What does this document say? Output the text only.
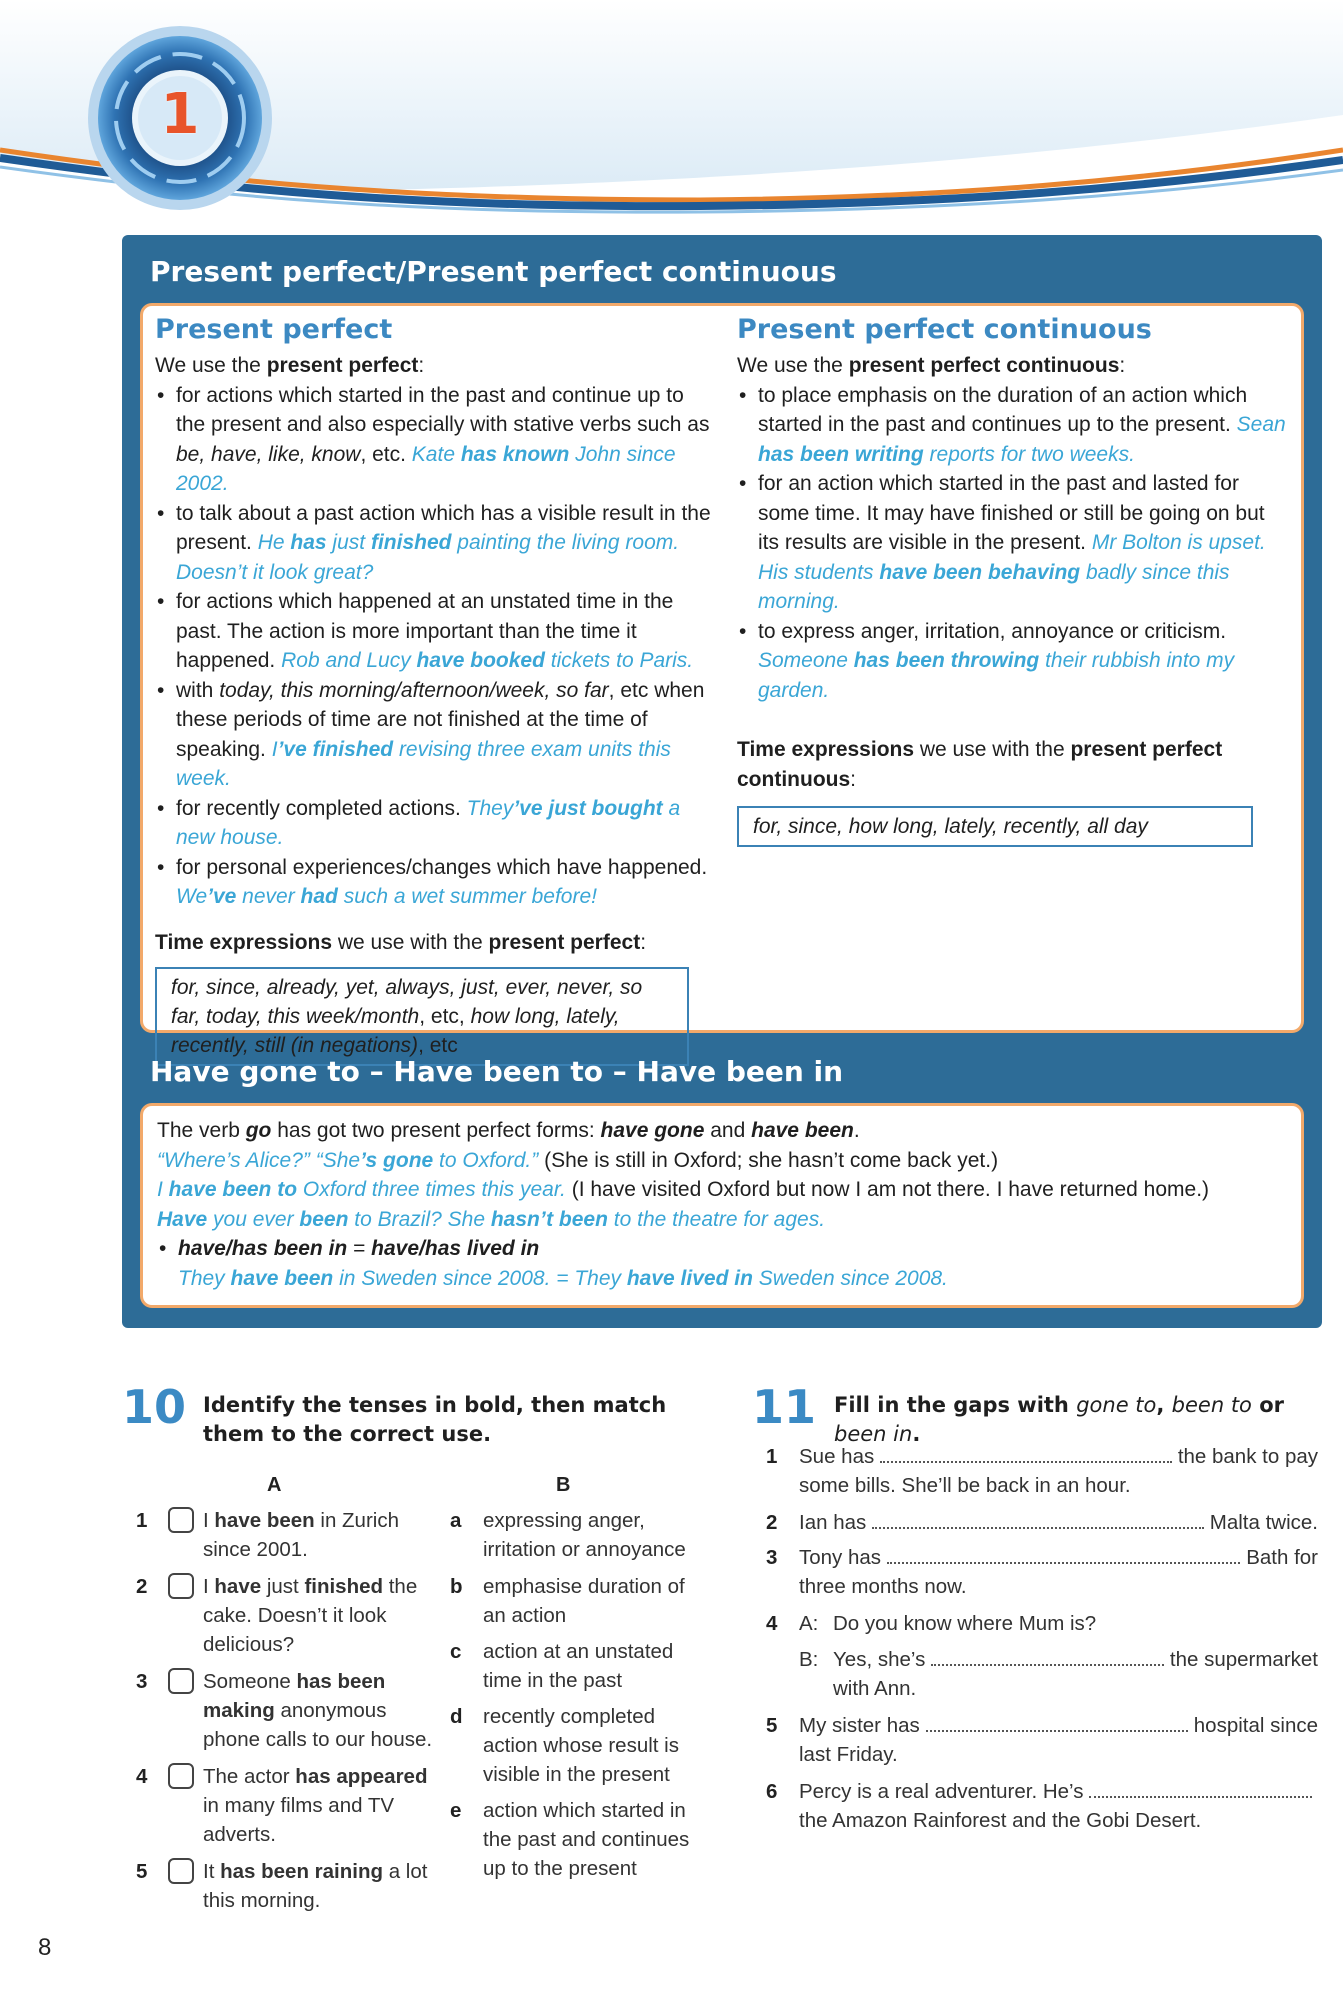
1
Present perfect/Present perfect continuous
Present perfect
We use the present perfect:
• for actions which started in the past and continue up to the present and also especially with stative verbs such as be, have, like, know, etc. Kate has known John since 2002.
• to talk about a past action which has a visible result in the present. He has just finished painting the living room. Doesn’t it look great?
• for actions which happened at an unstated time in the past. The action is more important than the time it happened. Rob and Lucy have booked tickets to Paris.
• with today, this morning/afternoon/week, so far, etc when these periods of time are not finished at the time of speaking. I’ve finished revising three exam units this week.
• for recently completed actions. They’ve just bought a new house.
• for personal experiences/changes which have happened. We’ve never had such a wet summer before!
Time expressions we use with the present perfect:
for, since, already, yet, always, just, ever, never, so far, today, this week/month, etc, how long, lately, recently, still (in negations), etc
Present perfect continuous
We use the present perfect continuous:
• to place emphasis on the duration of an action which started in the past and continues up to the present. Sean has been writing reports for two weeks.
• for an action which started in the past and lasted for some time. It may have finished or still be going on but its results are visible in the present. Mr Bolton is upset. His students have been behaving badly since this morning.
• to express anger, irritation, annoyance or criticism. Someone has been throwing their rubbish into my garden.
Time expressions we use with the present perfect continuous:
for, since, how long, lately, recently, all day
Have gone to – Have been to – Have been in
The verb go has got two present perfect forms: have gone and have been.
“Where’s Alice?” “She’s gone to Oxford.” (She is still in Oxford; she hasn’t come back yet.)
I have been to Oxford three times this year. (I have visited Oxford but now I am not there. I have returned home.)
Have you ever been to Brazil? She hasn’t been to the theatre for ages.
• have/has been in = have/has lived in
They have been in Sweden since 2008. = They have lived in Sweden since 2008.
10 Identify the tenses in bold, then match them to the correct use.
A	B
1	I have been in Zurich since 2001.
2	I have just finished the cake. Doesn’t it look delicious?
3	Someone has been making anonymous phone calls to our house.
4	The actor has appeared in many films and TV adverts.
5	It has been raining a lot this morning.
a expressing anger, irritation or annoyance
b emphasise duration of an action
c action at an unstated time in the past
d recently completed action whose result is visible in the present
e action which started in the past and continues up to the present
11 Fill in the gaps with gone to, been to or been in.
1 Sue has	the bank to pay
some bills. She’ll be back in an hour.
2 Ian has	Malta twice.
3 Tony has	Bath for
three months now.
4 A: Do you know where Mum is?
B: Yes, she’s	the supermarket
with Ann.
5 My sister has	hospital since
last Friday.
6 Percy is a real adventurer. He’s
the Amazon Rainforest and the Gobi Desert.
8
